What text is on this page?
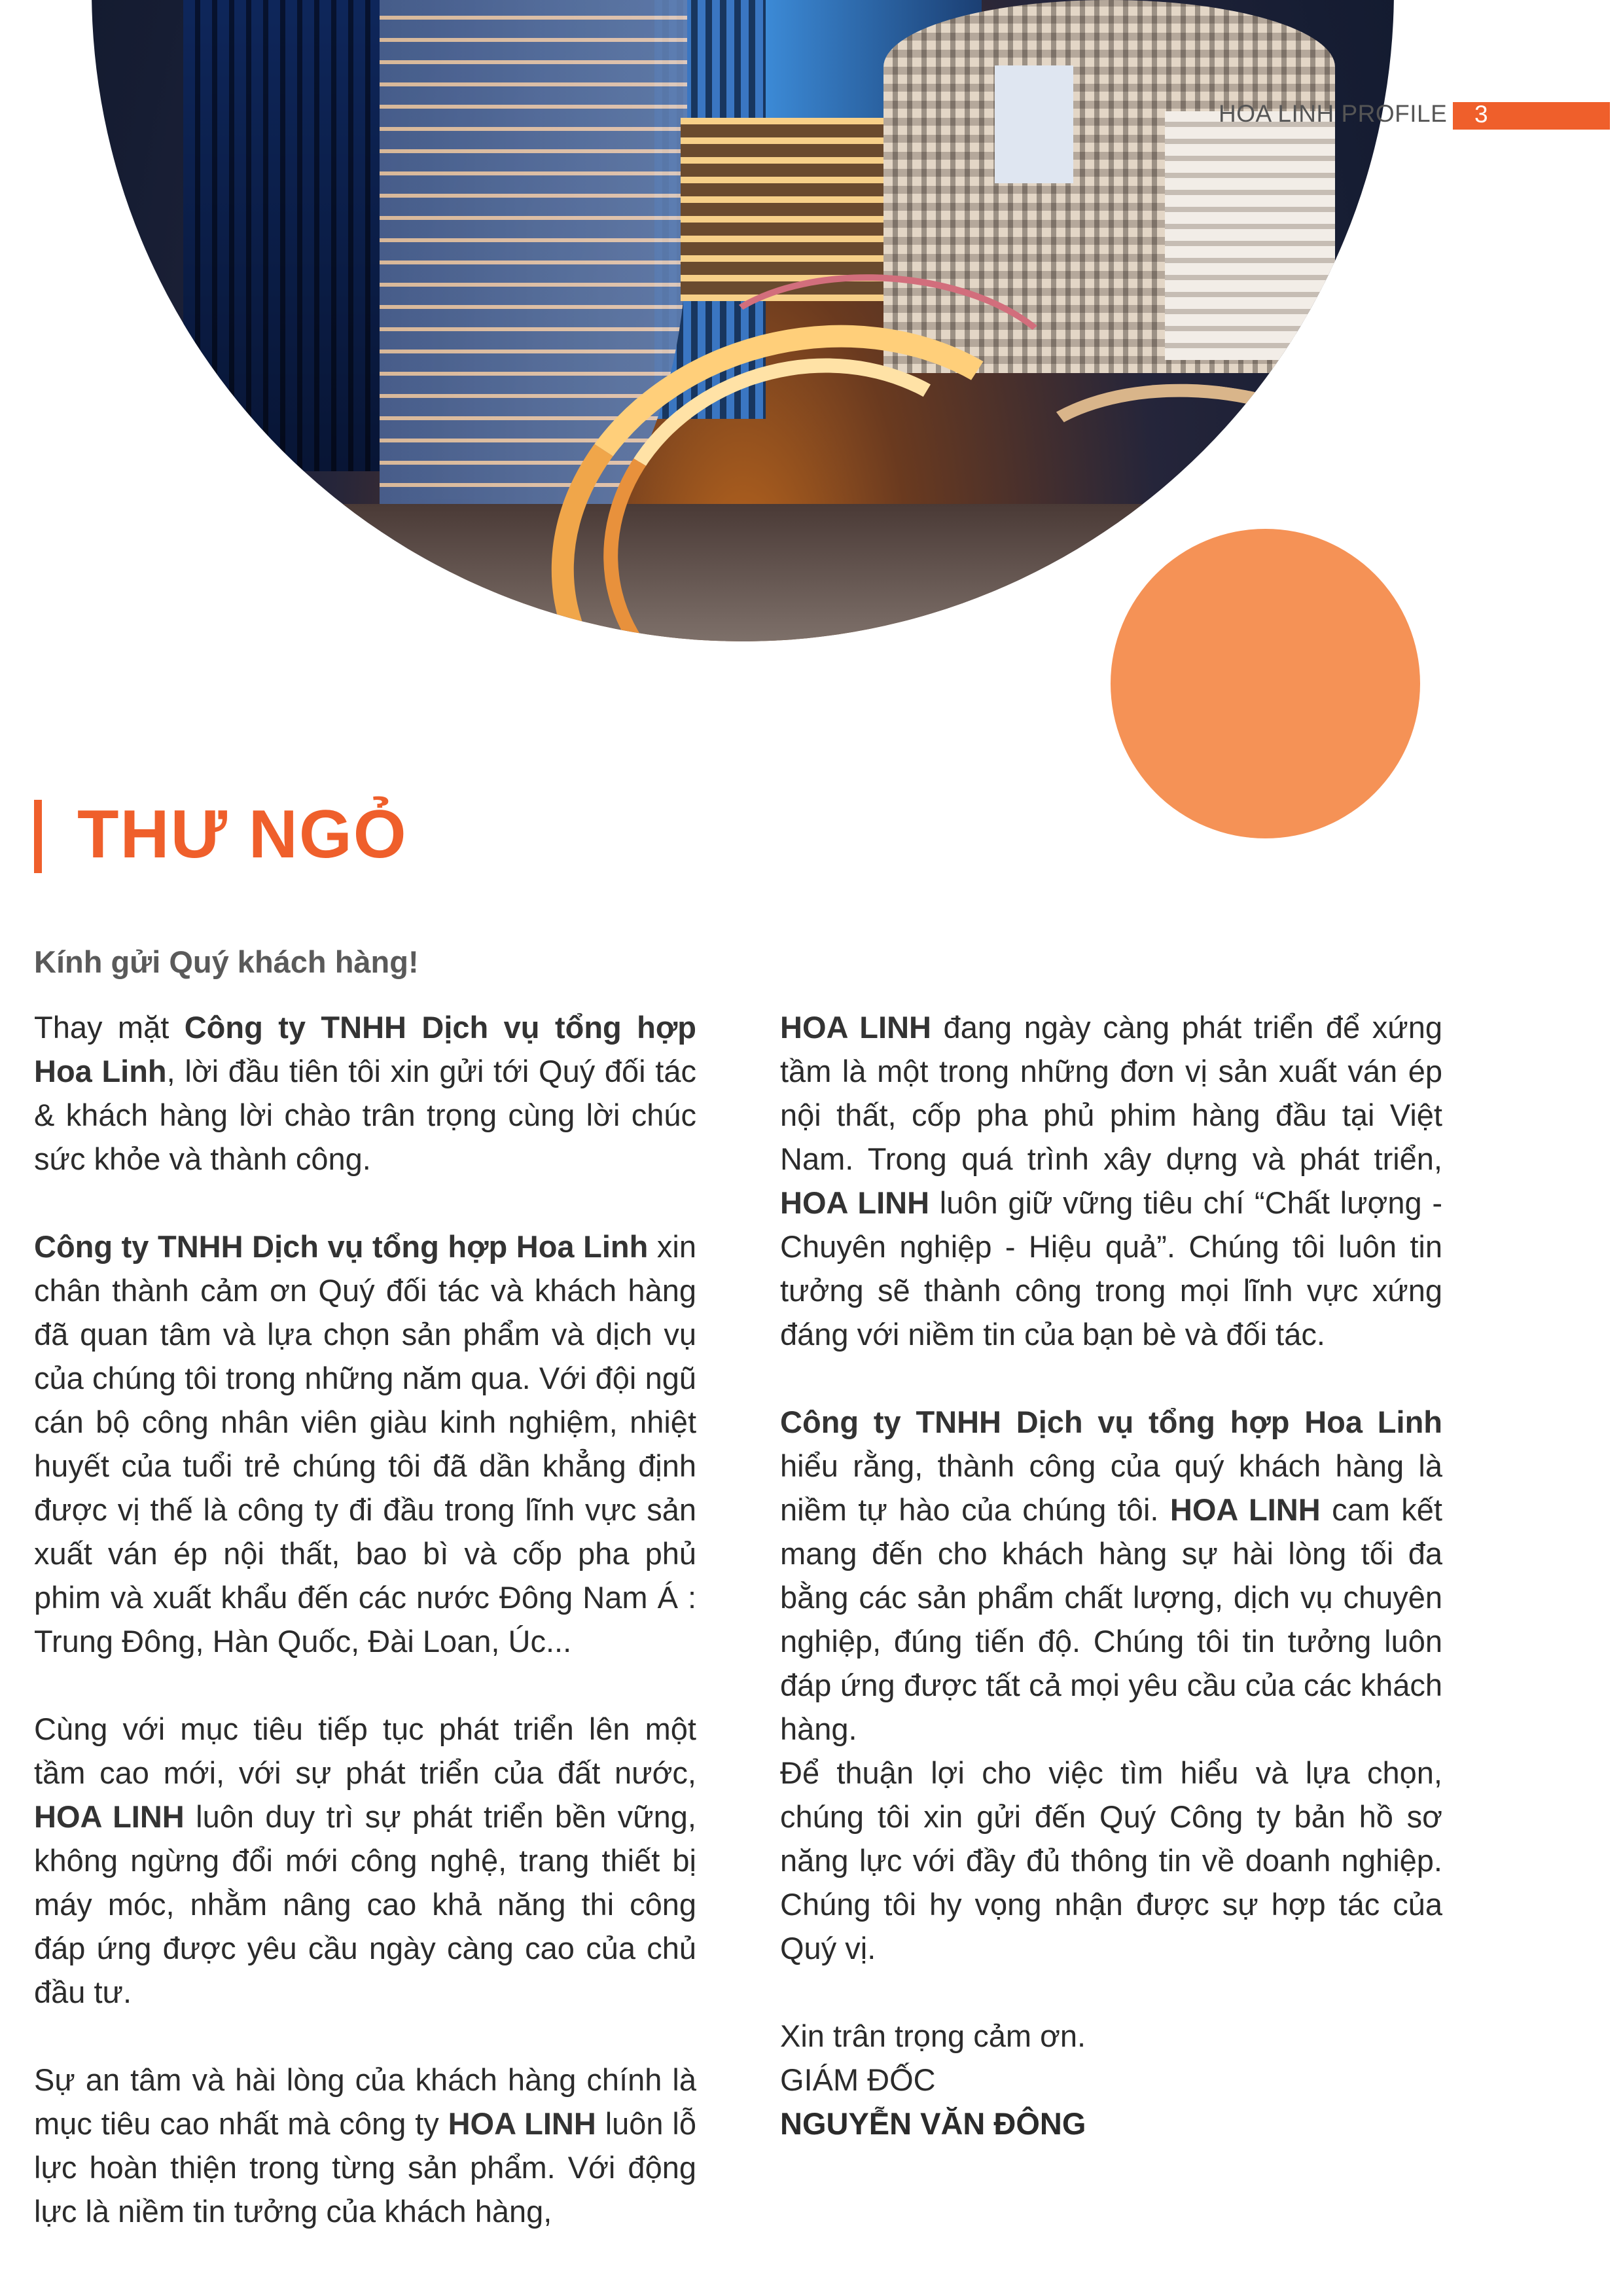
HOA LINH PROFILE 3
THƯ NGỎ
Kính gửi Quý khách hàng!

Thay mặt Công ty TNHH Dịch vụ tổng hợp Hoa Linh, lời đầu tiên tôi xin gửi tới Quý đối tác & khách hàng lời chào trân trọng cùng lời chúc sức khỏe và thành công.

Công ty TNHH Dịch vụ tổng hợp Hoa Linh xin chân thành cảm ơn Quý đối tác và khách hàng đã quan tâm và lựa chọn sản phẩm và dịch vụ của chúng tôi trong những năm qua. Với đội ngũ cán bộ công nhân viên giàu kinh nghiệm, nhiệt huyết của tuổi trẻ chúng tôi đã dần khẳng định được vị thế là công ty đi đầu trong lĩnh vực sản xuất ván ép nội thất, bao bì và cốp pha phủ phim và xuất khẩu đến các nước Đông Nam Á : Trung Đông, Hàn Quốc, Đài Loan, Úc...

Cùng với mục tiêu tiếp tục phát triển lên một tầm cao mới, với sự phát triển của đất nước, HOA LINH luôn duy trì sự phát triển bền vững, không ngừng đổi mới công nghệ, trang thiết bị máy móc, nhằm nâng cao khả năng thi công đáp ứng được yêu cầu ngày càng cao của chủ đầu tư.

Sự an tâm và hài lòng của khách hàng chính là mục tiêu cao nhất mà công ty HOA LINH luôn lỗ lực hoàn thiện trong từng sản phẩm. Với động lực là niềm tin tưởng của khách hàng,

HOA LINH đang ngày càng phát triển để xứng tầm là một trong những đơn vị sản xuất ván ép nội thất, cốp pha phủ phim hàng đầu tại Việt Nam. Trong quá trình xây dựng và phát triển, HOA LINH luôn giữ vững tiêu chí “Chất lượng - Chuyên nghiệp - Hiệu quả”. Chúng tôi luôn tin tưởng sẽ thành công trong mọi lĩnh vực xứng đáng với niềm tin của bạn bè và đối tác.

Công ty TNHH Dịch vụ tổng hợp Hoa Linh hiểu rằng, thành công của quý khách hàng là niềm tự hào của chúng tôi. HOA LINH cam kết mang đến cho khách hàng sự hài lòng tối đa bằng các sản phẩm chất lượng, dịch vụ chuyên nghiệp, đúng tiến độ. Chúng tôi tin tưởng luôn đáp ứng được tất cả mọi yêu cầu của các khách hàng.

Để thuận lợi cho việc tìm hiểu và lựa chọn, chúng tôi xin gửi đến Quý Công ty bản hồ sơ năng lực với đầy đủ thông tin về doanh nghiệp. Chúng tôi hy vọng nhận được sự hợp tác của Quý vị.

Xin trân trọng cảm ơn.

GIÁM ĐỐC

NGUYỄN VĂN ĐÔNG
